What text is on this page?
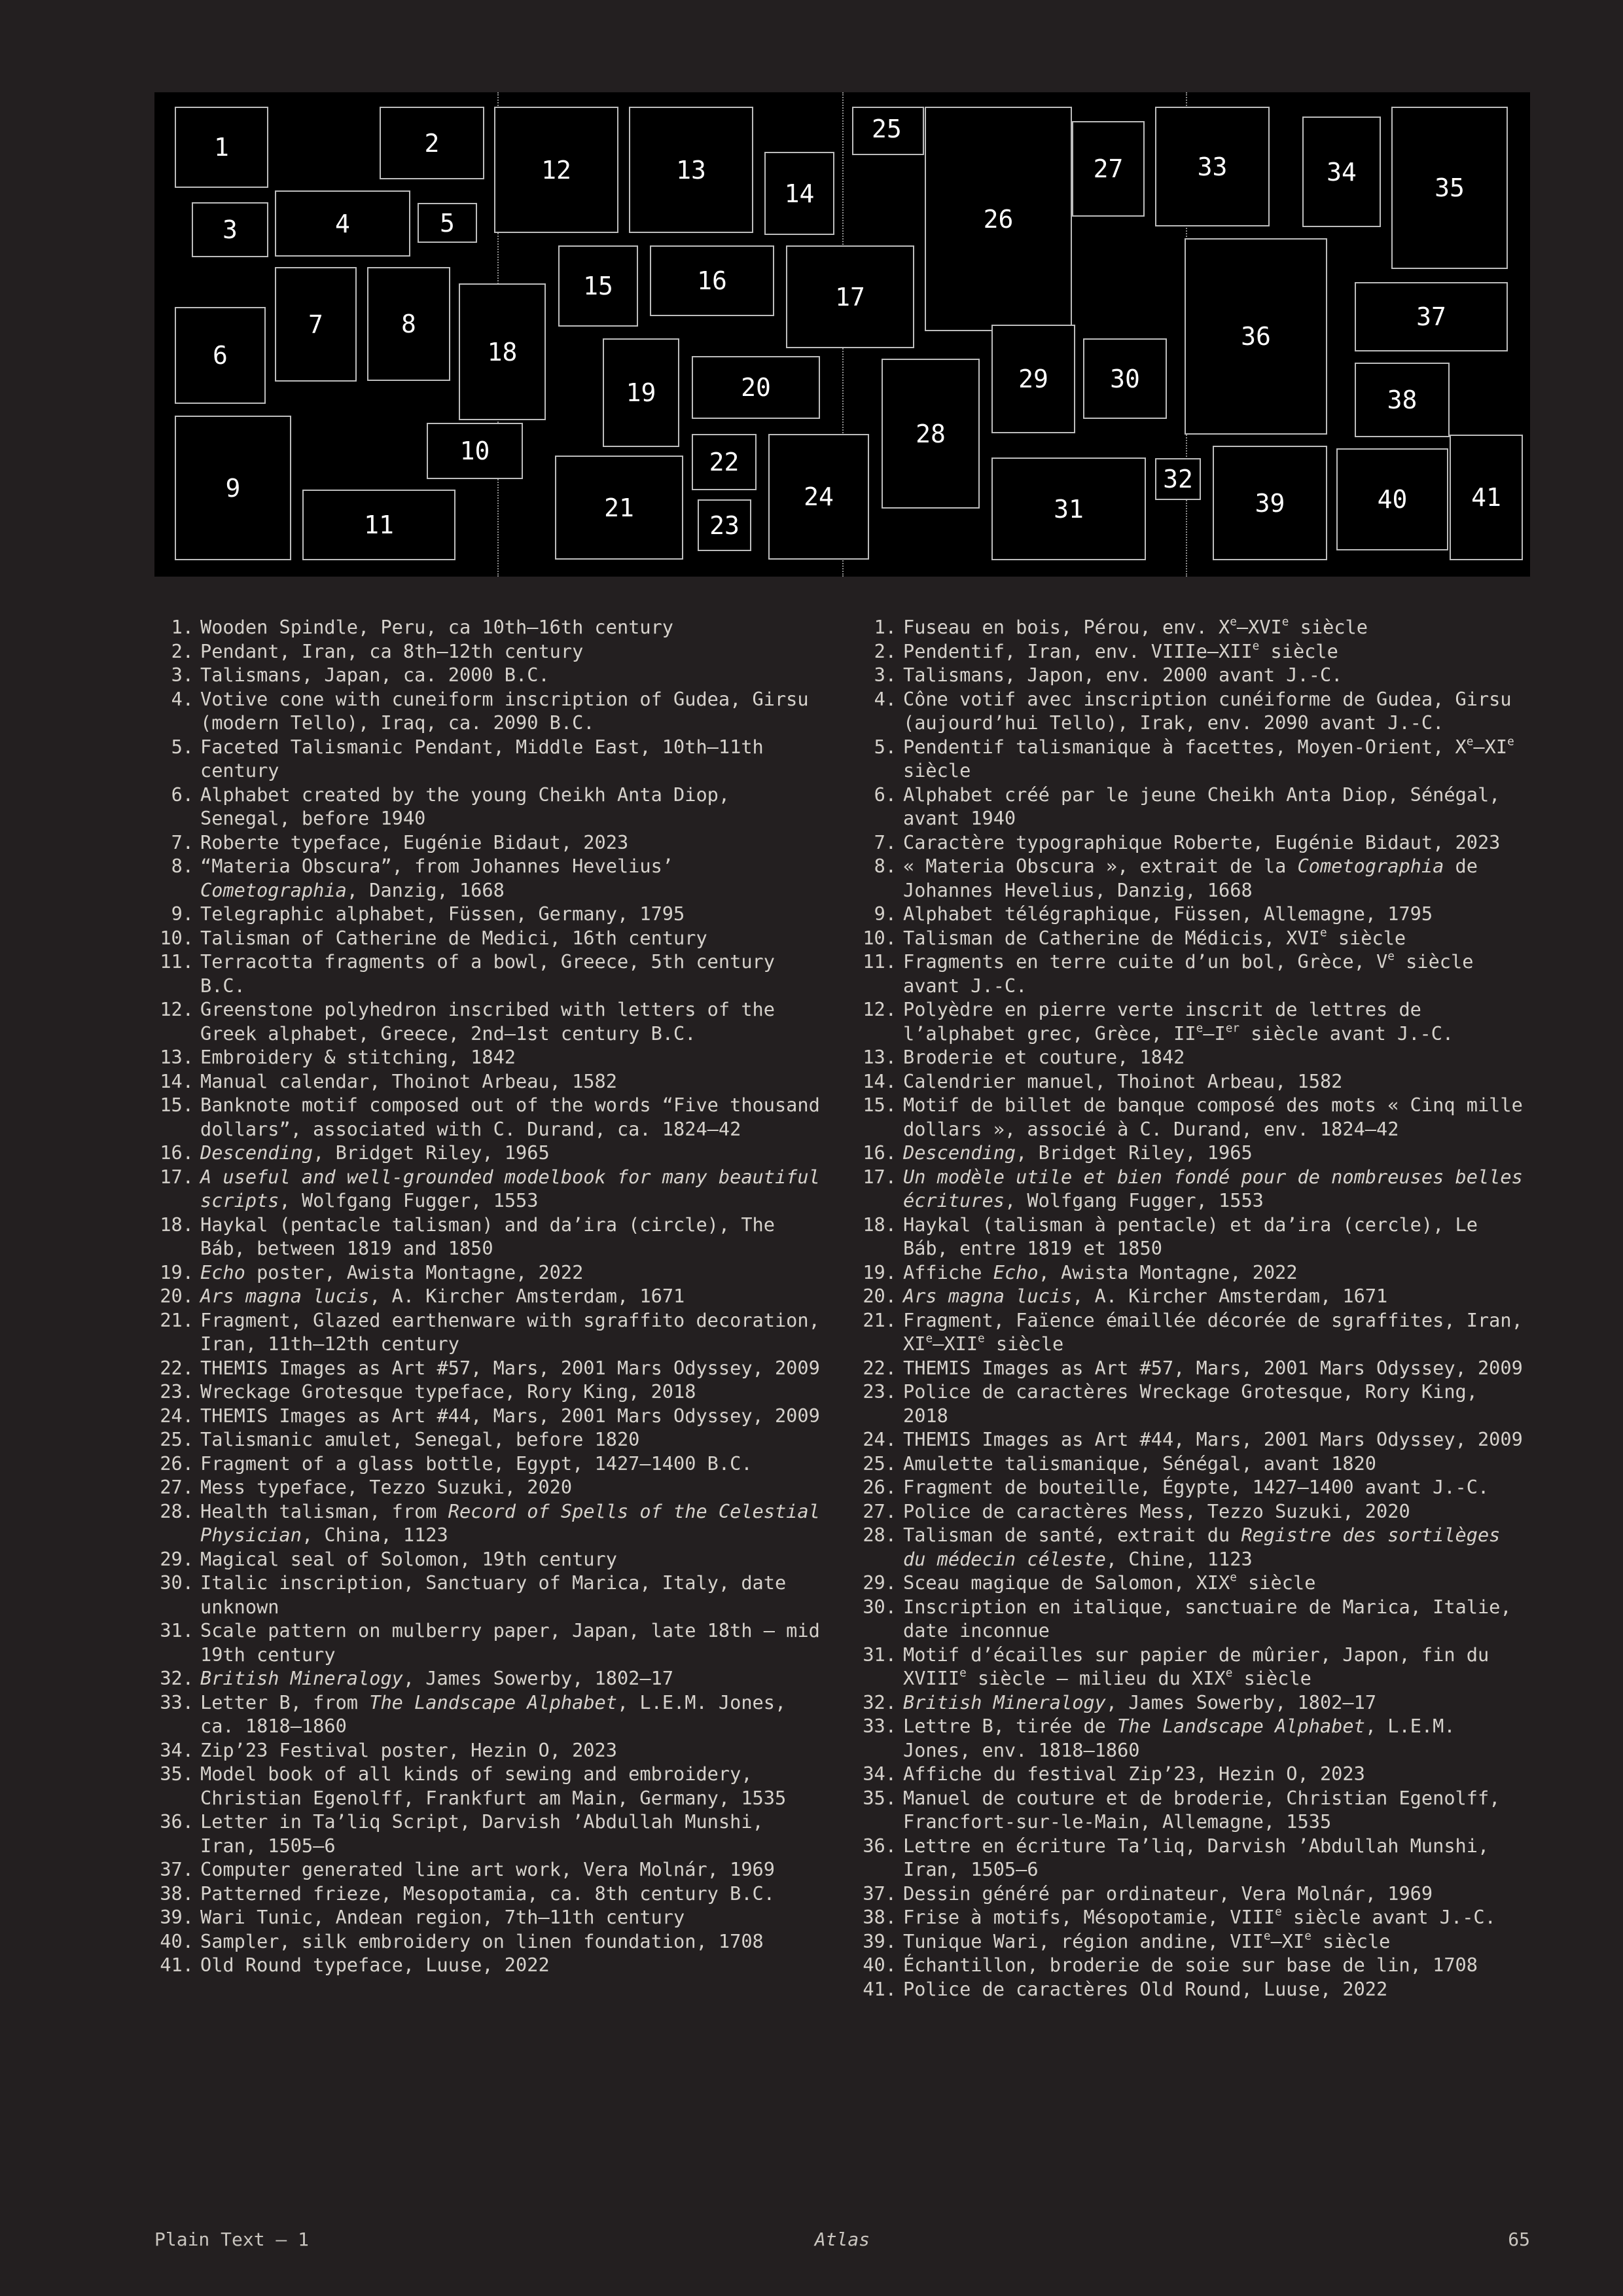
1	2
3	4	5
6
7	8
9
10
11
12	13
14
15	16
17
18
19	20
21
22
23
24
26
27
28
29	30
31
32
33	34
35
36
37
38
39	40	41
25
1. Wooden Spindle, Peru, ca 10th–16th century
2. Pendant, Iran, ca 8th–12th century
3. Talismans, Japan, ca. 2000 B.C.
4. Votive cone with cuneiform inscription of Gudea, Girsu (modern Tello), Iraq, ca. 2090 B.C.
5. Faceted Talismanic Pendant, Middle East, 10th–11th century
6. Alphabet created by the young Cheikh Anta Diop, Senegal, before 1940
7. Roberte typeface, Eugénie Bidaut, 2023
8. “Materia Obscura”, from Johannes Hevelius’ Cometographia, Danzig, 1668
9. Telegraphic alphabet, Füssen, Germany, 1795
10. Talisman of Catherine de Medici, 16th century
11. Terracotta fragments of a bowl, Greece, 5th century B.C.
12. Greenstone polyhedron inscribed with letters of the Greek alphabet, Greece, 2nd–1st century B.C.
13. Embroidery & stitching, 1842
14. Manual calendar, Thoinot Arbeau, 1582
15. Banknote motif composed out of the words “Five thousand dollars”, associated with C. Durand, ca. 1824–42
16. Descending, Bridget Riley, 1965
17. A useful and well-grounded modelbook for many beautiful scripts, Wolfgang Fugger, 1553
18. Haykal (pentacle talisman) and da’ira (circle), The Báb, between 1819 and 1850
19. Echo poster, Awista Montagne, 2022
20. Ars magna lucis, A. Kircher Amsterdam, 1671
21. Fragment, Glazed earthenware with sgraffito decoration, Iran, 11th–12th century
22. THEMIS Images as Art #57, Mars, 2001 Mars Odyssey, 2009
23. Wreckage Grotesque typeface, Rory King, 2018
24. THEMIS Images as Art #44, Mars, 2001 Mars Odyssey, 2009
25. Talismanic amulet, Senegal, before 1820
26. Fragment of a glass bottle, Egypt, 1427–1400 B.C.
27. Mess typeface, Tezzo Suzuki, 2020
28. Health talisman, from Record of Spells of the Celestial Physician, China, 1123
29. Magical seal of Solomon, 19th century
30. Italic inscription, Sanctuary of Marica, Italy, date unknown
31. Scale pattern on mulberry paper, Japan, late 18th – mid 19th century
32. British Mineralogy, James Sowerby, 1802–17
33. Letter B, from The Landscape Alphabet, L.E.M. Jones, ca. 1818–1860
34. Zip’23 Festival poster, Hezin O, 2023
35. Model book of all kinds of sewing and embroidery, Christian Egenolff, Frankfurt am Main, Germany, 1535
36. Letter in Ta’liq Script, Darvish ’Abdullah Munshi, Iran, 1505–6
37. Computer generated line art work, Vera Molnár, 1969
38. Patterned frieze, Mesopotamia, ca. 8th century B.C.
39. Wari Tunic, Andean region, 7th–11th century
40. Sampler, silk embroidery on linen foundation, 1708
41. Old Round typeface, Luuse, 2022
1. Fuseau en bois, Pérou, env. Xe–XVIe siècle
2. Pendentif, Iran, env. VIIIe–XIIe siècle
3. Talismans, Japon, env. 2000 avant J.-C.
4. Cône votif avec inscription cunéiforme de Gudea, Girsu (aujourd’hui Tello), Irak, env. 2090 avant J.-C.
5. Pendentif talismanique à facettes, Moyen-Orient, Xe–XIe siècle
6. Alphabet créé par le jeune Cheikh Anta Diop, Sénégal, avant 1940
7. Caractère typographique Roberte, Eugénie Bidaut, 2023
8. « Materia Obscura », extrait de la Cometographia de Johannes Hevelius, Danzig, 1668
9. Alphabet télégraphique, Füssen, Allemagne, 1795
10. Talisman de Catherine de Médicis, XVIe siècle
11. Fragments en terre cuite d’un bol, Grèce, Ve siècle avant J.-C.
12. Polyèdre en pierre verte inscrit de lettres de l’alphabet grec, Grèce, IIe–Ier siècle avant J.-C.
13. Broderie et couture, 1842
14. Calendrier manuel, Thoinot Arbeau, 1582
15. Motif de billet de banque composé des mots « Cinq mille dollars », associé à C. Durand, env. 1824–42
16. Descending, Bridget Riley, 1965
17. Un modèle utile et bien fondé pour de nombreuses belles écritures, Wolfgang Fugger, 1553
18. Haykal (talisman à pentacle) et da’ira (cercle), Le Báb, entre 1819 et 1850
19. Affiche Echo, Awista Montagne, 2022
20. Ars magna lucis, A. Kircher Amsterdam, 1671
21. Fragment, Faïence émaillée décorée de sgraffites, Iran, XIe–XIIe siècle
22. THEMIS Images as Art #57, Mars, 2001 Mars Odyssey, 2009
23. Police de caractères Wreckage Grotesque, Rory King, 2018
24. THEMIS Images as Art #44, Mars, 2001 Mars Odyssey, 2009
25. Amulette talismanique, Sénégal, avant 1820
26. Fragment de bouteille, Égypte, 1427–1400 avant J.-C.
27. Police de caractères Mess, Tezzo Suzuki, 2020
28. Talisman de santé, extrait du Registre des sortilèges du médecin céleste, Chine, 1123
29. Sceau magique de Salomon, XIXe siècle
30. Inscription en italique, sanctuaire de Marica, Italie, date inconnue
31. Motif d’écailles sur papier de mûrier, Japon, fin du XVIIIe siècle – milieu du XIXe siècle
32. British Mineralogy, James Sowerby, 1802–17
33. Lettre B, tirée de The Landscape Alphabet, L.E.M. Jones, env. 1818–1860
34. Affiche du festival Zip’23, Hezin O, 2023
35. Manuel de couture et de broderie, Christian Egenolff, Francfort-sur-le-Main, Allemagne, 1535
36. Lettre en écriture Ta’liq, Darvish ’Abdullah Munshi, Iran, 1505–6
37. Dessin généré par ordinateur, Vera Molnár, 1969
38. Frise à motifs, Mésopotamie, VIIIe siècle avant J.-C.
39. Tunique Wari, région andine, VIIe–XIe siècle
40. Échantillon, broderie de soie sur base de lin, 1708
41. Police de caractères Old Round, Luuse, 2022
Plain Text – 1	Atlas	65
